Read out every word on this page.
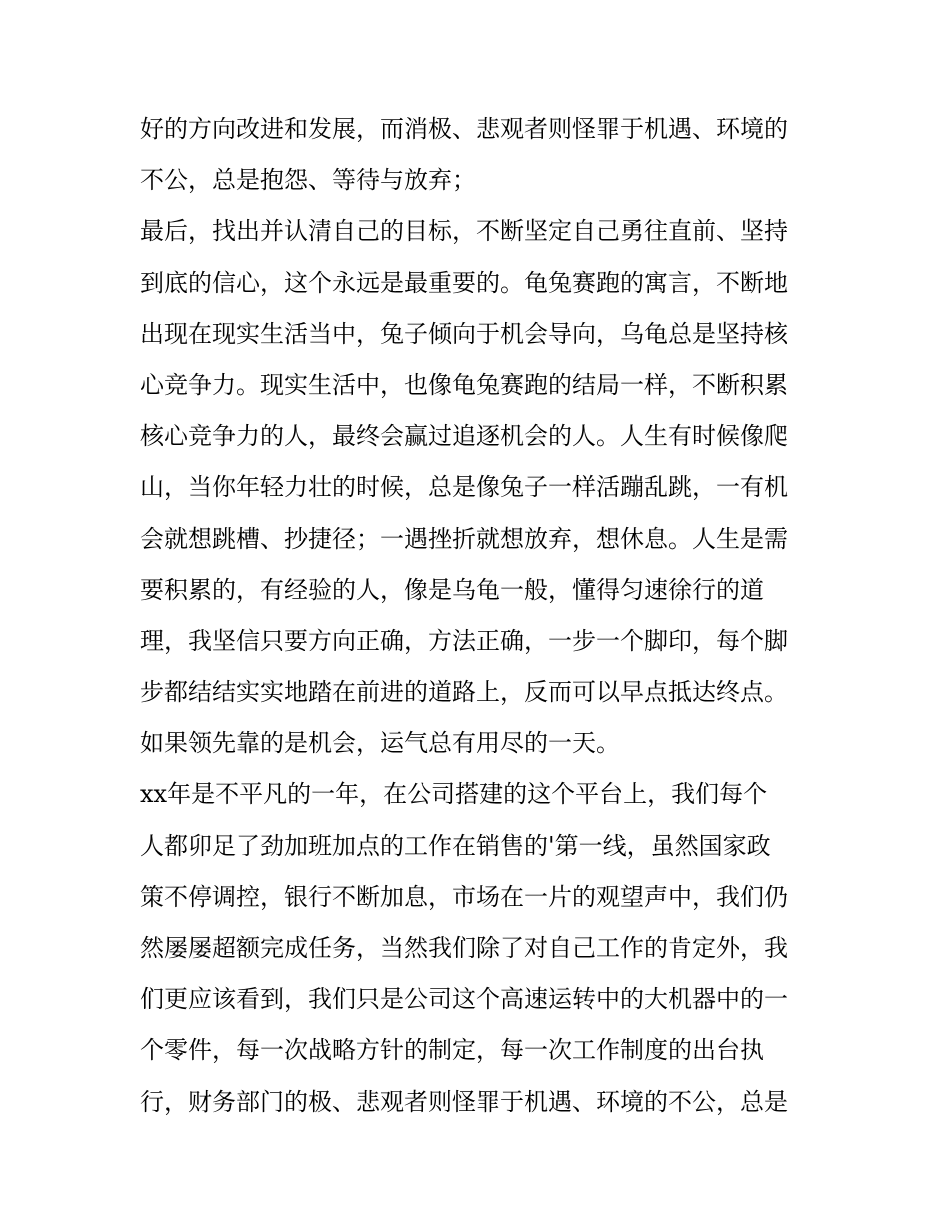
好的方向改进和发展，而消极、悲观者则怪罪于机遇、环境的
不公，总是抱怨、等待与放弃；
最后，找出并认清自己的目标，不断坚定自己勇往直前、坚持
到底的信心，这个永远是最重要的。龟兔赛跑的寓言，不断地
出现在现实生活当中，兔子倾向于机会导向，乌龟总是坚持核
心竞争力。现实生活中，也像龟兔赛跑的结局一样，不断积累
核心竞争力的人，最终会赢过追逐机会的人。人生有时候像爬
山，当你年轻力壮的时候，总是像兔子一样活蹦乱跳，一有机
会就想跳槽、抄捷径；一遇挫折就想放弃，想休息。人生是需
要积累的，有经验的人，像是乌龟一般，懂得匀速徐行的道
理，我坚信只要方向正确，方法正确，一步一个脚印，每个脚
步都结结实实地踏在前进的道路上，反而可以早点抵达终点。
如果领先靠的是机会，运气总有用尽的一天。
xx年是不平凡的一年，在公司搭建的这个平台上，我们每个
人都卯足了劲加班加点的工作在销售的'第一线，虽然国家政
策不停调控，银行不断加息，市场在一片的观望声中，我们仍
然屡屡超额完成任务，当然我们除了对自己工作的肯定外，我
们更应该看到，我们只是公司这个高速运转中的大机器中的一
个零件，每一次战略方针的制定，每一次工作制度的出台执
行，财务部门的极、悲观者则怪罪于机遇、环境的不公，总是
